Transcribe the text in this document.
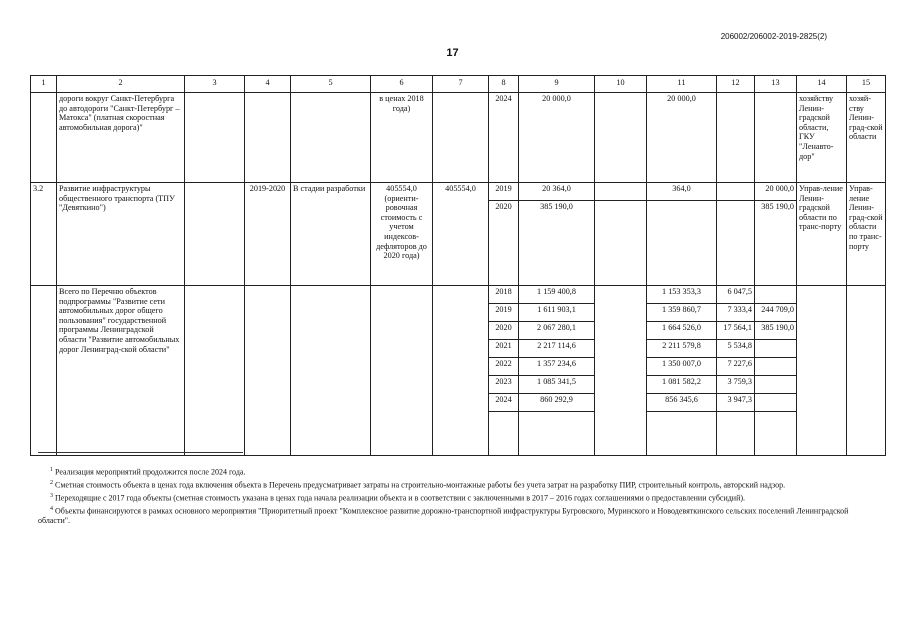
206002/206002-2019-2825(2)
17
1	2	3	4	5	6	7	8	9	10	11	12	13	14	15
	дороги вокруг Санкт-Петербурга до автодороги "Санкт-Петербург – Матокса" (платная скоростная автомобильная дорога)"				в ценах 2018 года)		2024	20 000,0		20 000,0			хозяйству Ленин-градской области, ГКУ "Ленавто-дор"	хозяй-ству Ленин-град-ской области
3.2	Развитие инфраструктуры общественного транспорта (ТПУ "Девяткино")		2019-2020	В стадии разработки	405554,0 (ориенти-ровочная стоимость с учетом индексов-дефляторов до 2020 года)	405554,0	2019	20 364,0		364,0		20 000,0	Управ-ление Ленин-градской области по транс-порту	Управ-ление Ленин-град-ской области по транс-порту
							2020	385 190,0				385 190,0		
	Всего по Перечню объектов подпрограммы "Развитие сети автомобильных дорог общего пользования" государственной программы Ленинградской области "Развитие автомобильных дорог Ленинград-ской области"						2018	1 159 400,8		1 153 353,3	6 047,5			
							2019	1 611 903,1		1 359 860,7	7 333,4	244 709,0		
							2020	2 067 280,1		1 664 526,0	17 564,1	385 190,0		
							2021	2 217 114,6		2 211 579,8	5 534,8			
							2022	1 357 234,6		1 350 007,0	7 227,6			
							2023	1 085 341,5		1 081 582,2	3 759,3			
							2024	860 292,9		856 345,6	3 947,3			

$^1$ Реализация мероприятий продолжится после 2024 года.

$^2$ Сметная стоимость объекта в ценах года включения объекта в Перечень предусматривает затраты на строительно-монтажные работы без учета затрат на разработку ПИР, строительный контроль, авторский надзор.

$^3$ Переходящие с 2017 года объекты (сметная стоимость указана в ценах года начала реализации объекта и в соответствии с заключенными в 2017 – 2016 годах соглашениями о предоставлении субсидий).

$^4$ Объекты финансируются в рамках основного мероприятия "Приоритетный проект "Комплексное развитие дорожно-транспортной инфраструктуры Бугровского, Муринского и Новодевяткинского сельских поселений Ленинградской области".
